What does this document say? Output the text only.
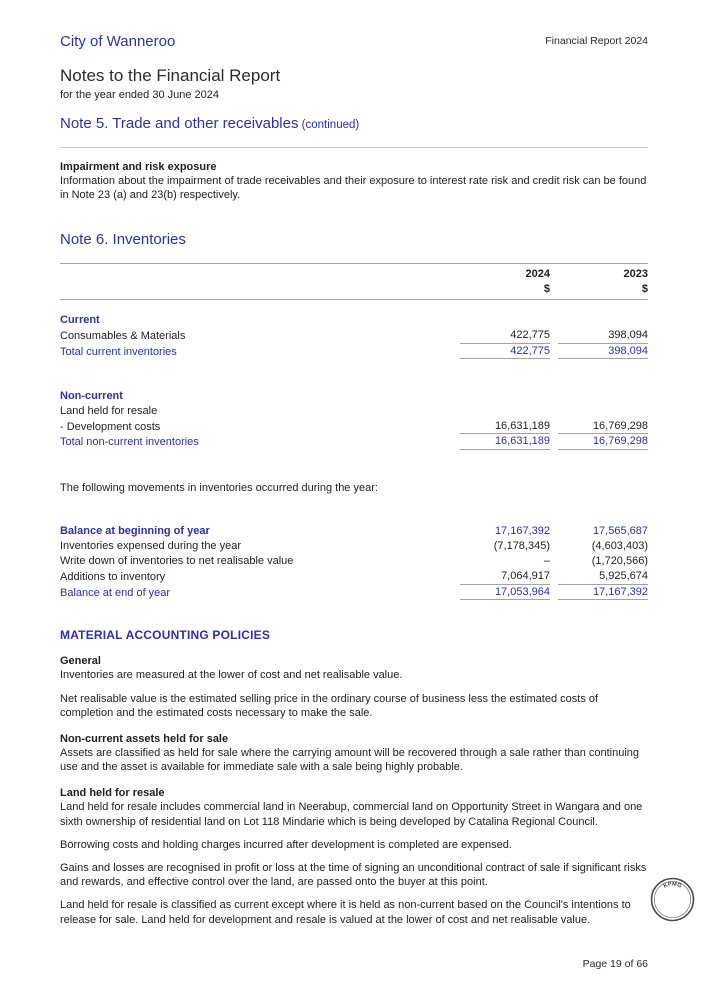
City of Wanneroo	Financial Report 2024
Notes to the Financial Report
for the year ended 30 June 2024
Note 5. Trade and other receivables (continued)
Impairment and risk exposure
Information about the impairment of trade receivables and their exposure to interest rate risk and credit risk can be found in Note 23 (a) and 23(b) respectively.
Note 6. Inventories
2024	2023
$	$
Current
Consumables & Materials	422,775	398,094
Total current inventories	422,775	398,094
Non-current
Land held for resale
- Development costs	16,631,189	16,769,298
Total non-current inventories	16,631,189	16,769,298
The following movements in inventories occurred during the year:
Balance at beginning of year	17,167,392	17,565,687
Inventories expensed during the year	(7,178,345)	(4,603,403)
Write down of inventories to net realisable value	–	(1,720,566)
Additions to inventory	7,064,917	5,925,674
Balance at end of year	17,053,964	17,167,392
MATERIAL ACCOUNTING POLICIES
General
Inventories are measured at the lower of cost and net realisable value.
Net realisable value is the estimated selling price in the ordinary course of business less the estimated costs of completion and the estimated costs necessary to make the sale.
Non-current assets held for sale
Assets are classified as held for sale where the carrying amount will be recovered through a sale rather than continuing use and the asset is available for immediate sale with a sale being highly probable.
Land held for resale
Land held for resale includes commercial land in Neerabup, commercial land on Opportunity Street in Wangara and one sixth ownership of residential land on Lot 118 Mindarie which is being developed by Catalina Regional Council.
Borrowing costs and holding charges incurred after development is completed are expensed.
Gains and losses are recognised in profit or loss at the time of signing an unconditional contract of sale if significant risks and rewards, and effective control over the land, are passed onto the buyer at this point.
Land held for resale is classified as current except where it is held as non-current based on the Council's intentions to release for sale. Land held for development and resale is valued at the lower of cost and net realisable value.
KPMG
Page 19 of 66
